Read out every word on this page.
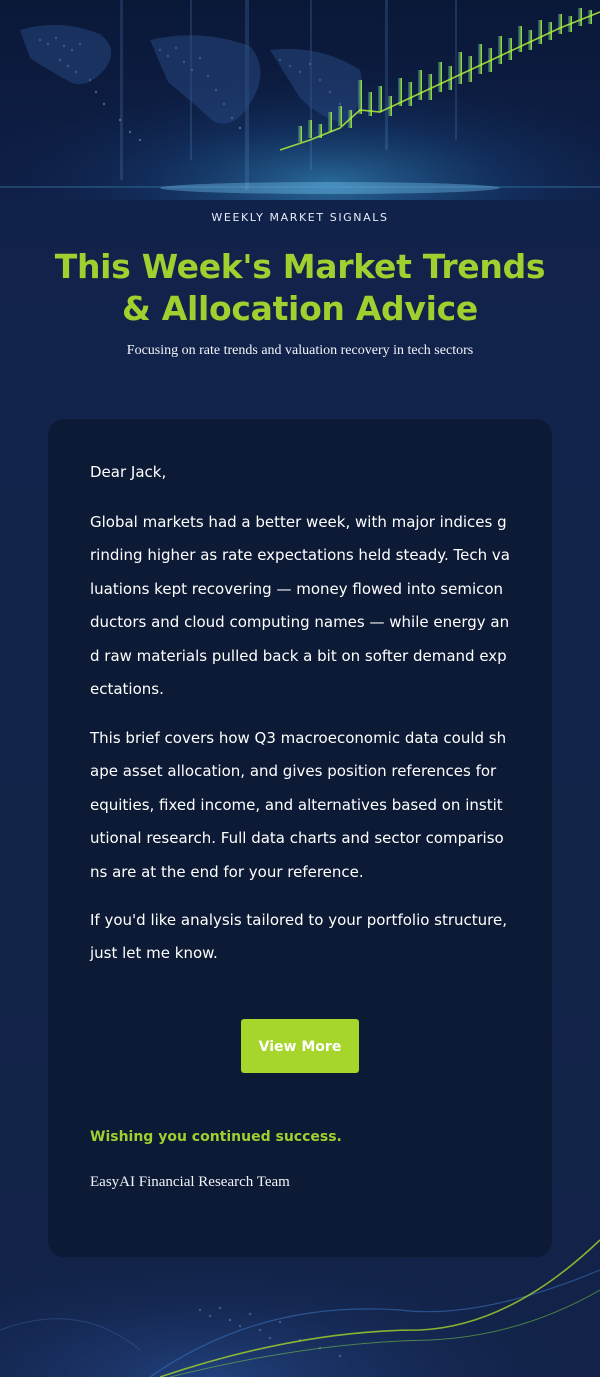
WEEKLY MARKET SIGNALS
This Week's Market Trends & Allocation Advice
Focusing on rate trends and valuation recovery in tech sectors
Dear Jack,

Global markets had a better week, with major indices grinding higher as rate expectations held steady. Tech valuations kept recovering — money flowed into semiconductors and cloud computing names — while energy and raw materials pulled back a bit on softer demand expectations.

This brief covers how Q3 macroeconomic data could shape asset allocation, and gives position references for equities, fixed income, and alternatives based on institutional research. Full data charts and sector comparisons are at the end for your reference.

If you'd like analysis tailored to your portfolio structure, just let me know.

View More
Wishing you continued success.
EasyAI Financial Research Team
